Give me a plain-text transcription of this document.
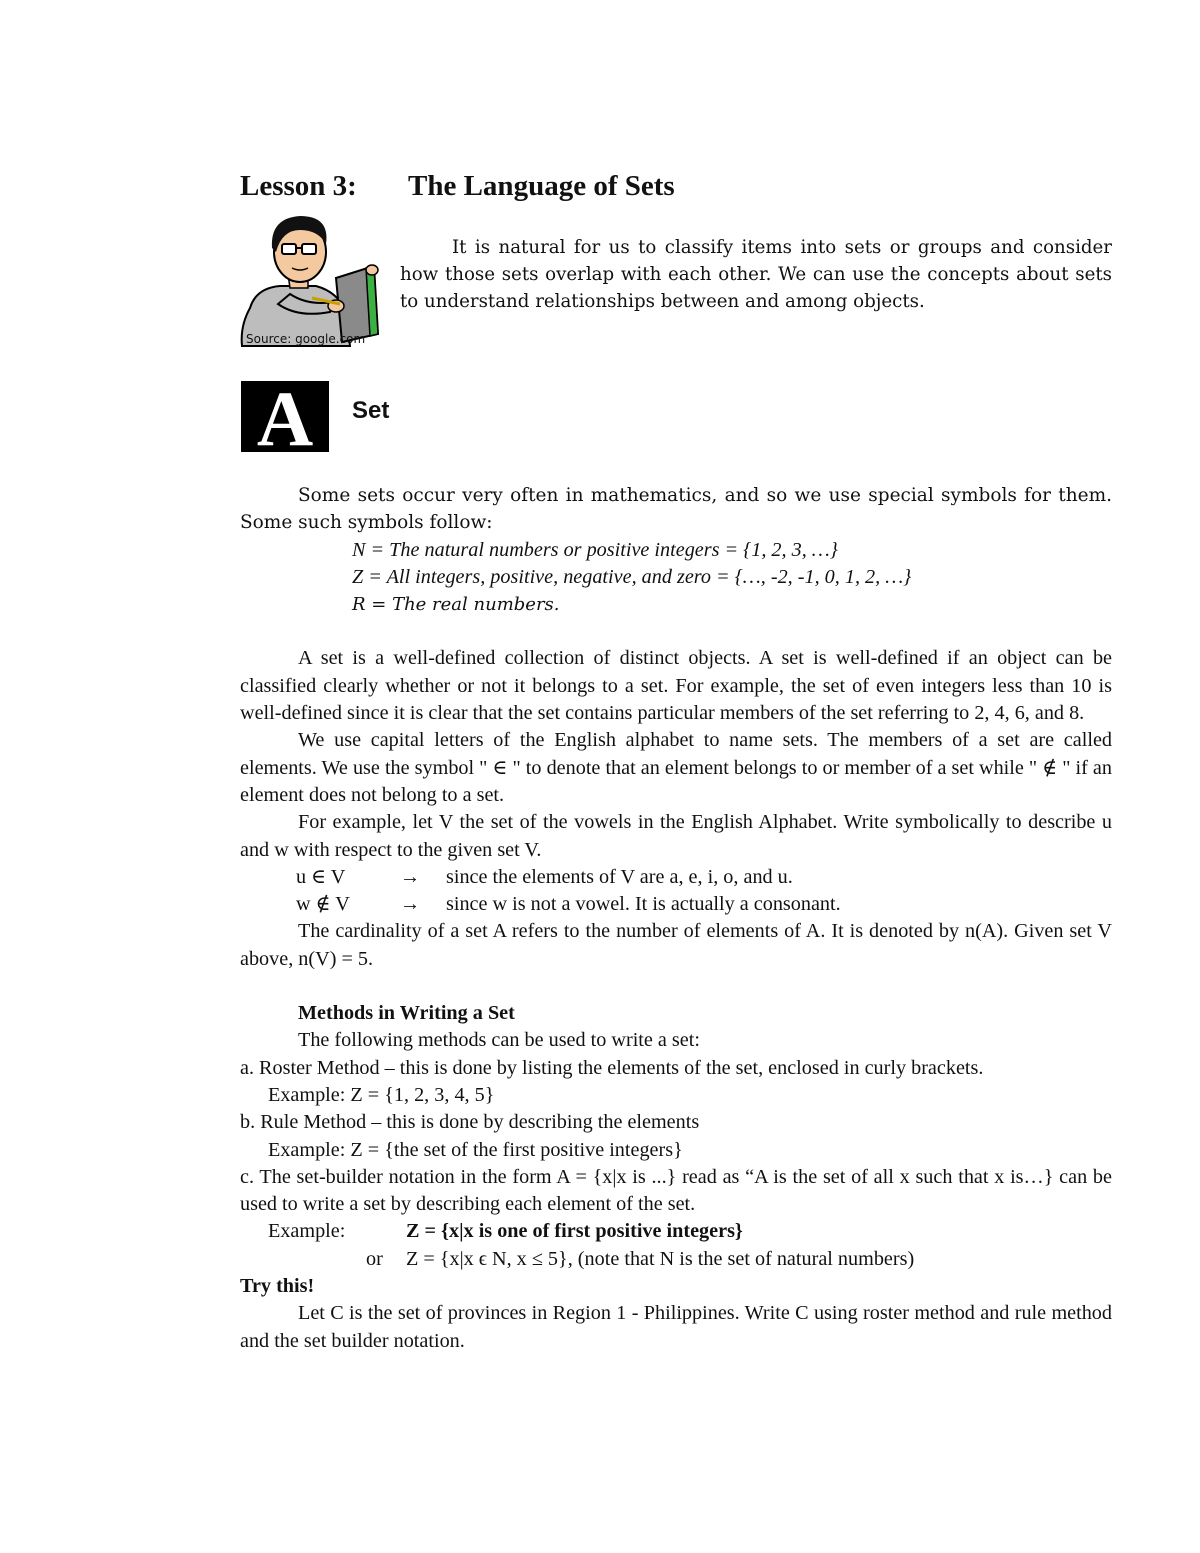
Lesson 3: The Language of Sets
Source: google.com

It is natural for us to classify items into sets or groups and consider how those sets overlap with each other. We can use the concepts about sets to understand relationships between and among objects.

A Set

Some sets occur very often in mathematics, and so we use special symbols for them. Some such symbols follow:

N = The natural numbers or positive integers = {1, 2, 3, …}

Z = All integers, positive, negative, and zero = {…, -2, -1, 0, 1, 2, …}

R = The real numbers.

A set is a well-defined collection of distinct objects. A set is well-defined if an object can be classified clearly whether or not it belongs to a set. For example, the set of even integers less than 10 is well-defined since it is clear that the set contains particular members of the set referring to 2, 4, 6, and 8.

We use capital letters of the English alphabet to name sets. The members of a set are called elements. We use the symbol " ∈ " to denote that an element belongs to or member of a set while " ∉ " if an element does not belong to a set.

For example, let V the set of the vowels in the English Alphabet. Write symbolically to describe u and w with respect to the given set V.

u ∈ V	→	since the elements of V are a, e, i, o, and u.
w ∉ V	→	since w is not a vowel. It is actually a consonant.

The cardinality of a set A refers to the number of elements of A. It is denoted by n(A). Given set V above, n(V) = 5.

Methods in Writing a Set

The following methods can be used to write a set:

a. Roster Method – this is done by listing the elements of the set, enclosed in curly brackets.

Example: Z = {1, 2, 3, 4, 5}

b. Rule Method – this is done by describing the elements

Example: Z = {the set of the first positive integers}

c. The set-builder notation in the form A = {x|x is ...} read as “A is the set of all x such that x is…} can be used to write a set by describing each element of the set.

Example:	Z = {x|x is one of first positive integers}
or	Z = {x|x ϵ N, x ≤ 5}, (note that N is the set of natural numbers)

Try this!

Let C is the set of provinces in Region 1 - Philippines. Write C using roster method and rule method and the set builder notation.
